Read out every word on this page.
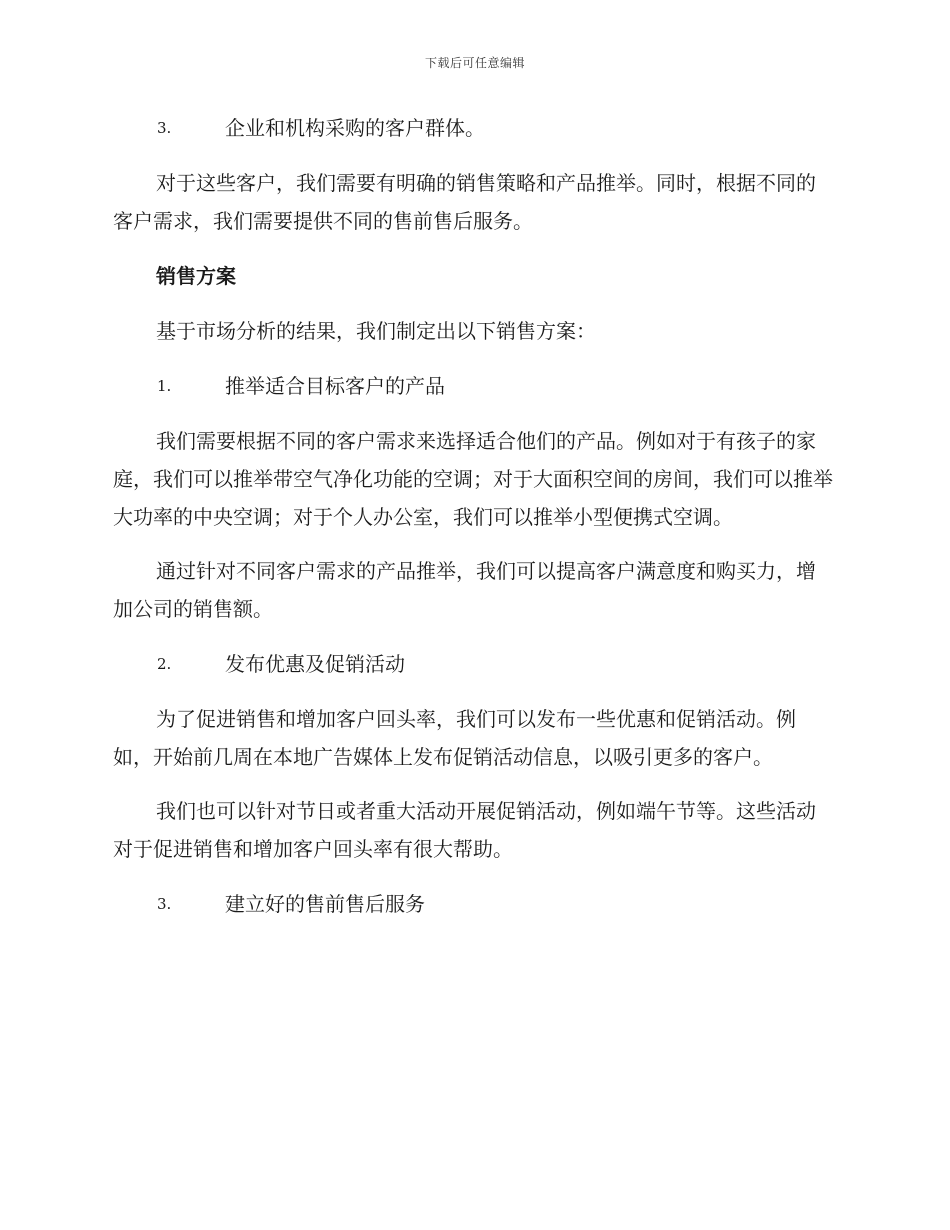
下载后可任意编辑
3.	企业和机构采购的客户群体。

对于这些客户，我们需要有明确的销售策略和产品推举。同时，根据不同的客户需求，我们需要提供不同的售前售后服务。

销售方案

基于市场分析的结果，我们制定出以下销售方案：

1.	推举适合目标客户的产品

我们需要根据不同的客户需求来选择适合他们的产品。例如对于有孩子的家庭，我们可以推举带空气净化功能的空调；对于大面积空间的房间，我们可以推举大功率的中央空调；对于个人办公室，我们可以推举小型便携式空调。

通过针对不同客户需求的产品推举，我们可以提高客户满意度和购买力，增加公司的销售额。

2.	发布优惠及促销活动

为了促进销售和增加客户回头率，我们可以发布一些优惠和促销活动。例如，开始前几周在本地广告媒体上发布促销活动信息，以吸引更多的客户。

我们也可以针对节日或者重大活动开展促销活动，例如端午节等。这些活动对于促进销售和增加客户回头率有很大帮助。

3.	建立好的售前售后服务
